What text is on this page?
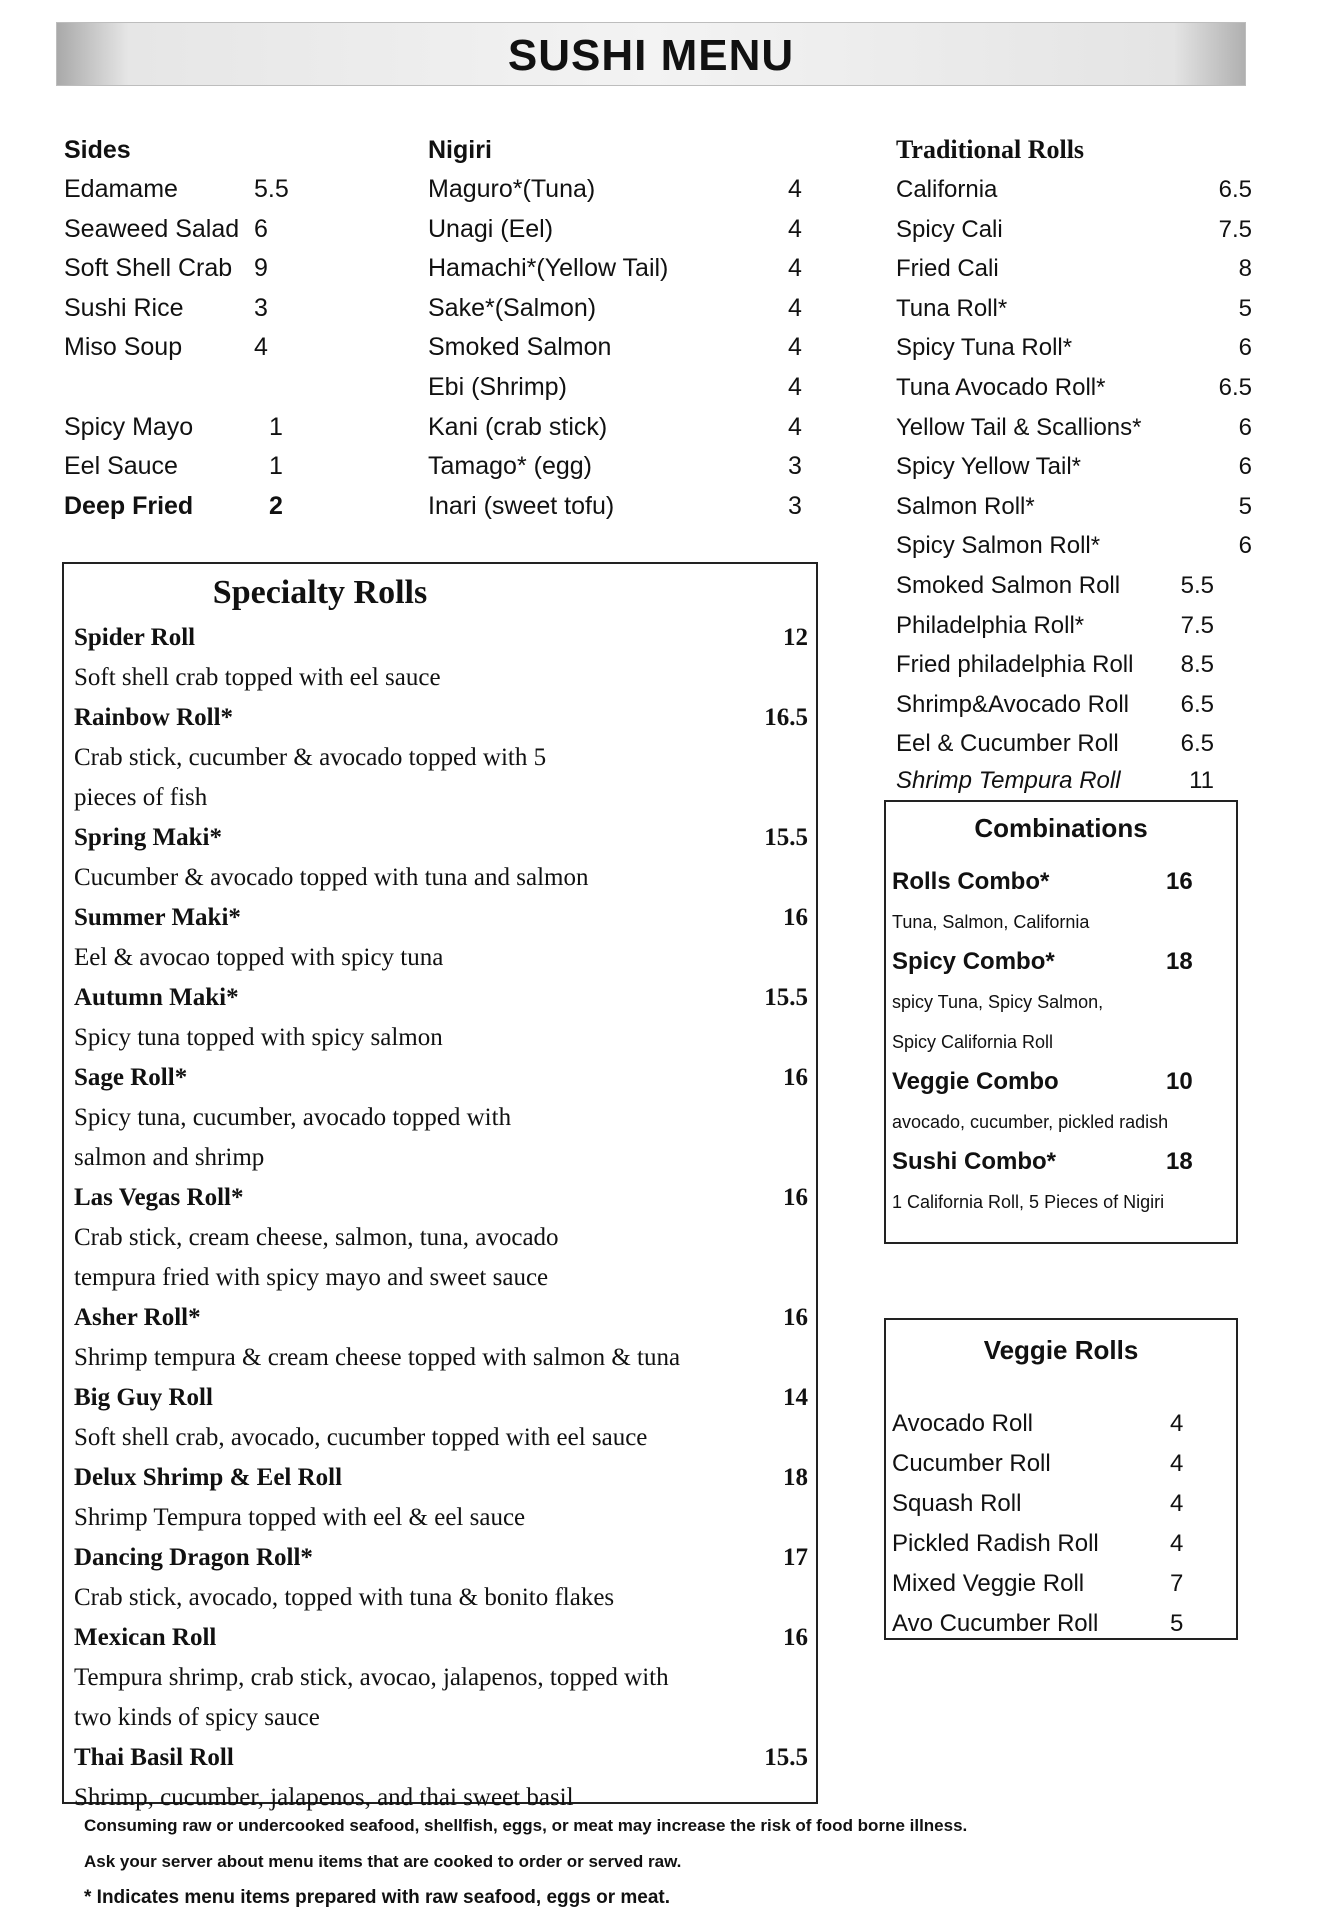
SUSHI MENU
Sides
Edamame	5.5
Seaweed Salad 6
Soft Shell Crab 9
Sushi Rice	3
Miso Soup	4
Spicy Mayo	1
Eel Sauce	1
Deep Fried	2
Nigiri
Maguro*(Tuna)	4
Unagi (Eel)	4
Hamachi*(Yellow Tail)	4
Sake*(Salmon)	4
Smoked Salmon	4
Ebi (Shrimp)	4
Kani (crab stick)	4
Tamago* (egg)	3
Inari (sweet tofu)	3
Traditional Rolls
California	6.5
Spicy Cali	7.5
Fried Cali	8
Tuna Roll*	5
Spicy Tuna Roll*	6
Tuna Avocado Roll*	6.5
Yellow Tail & Scallions*	6
Spicy Yellow Tail*	6
Salmon Roll*	5
Spicy Salmon Roll*	6
Smoked Salmon Roll	5.5
Philadelphia Roll*	7.5
Fried philadelphia Roll 8.5
Shrimp&Avocado Roll 6.5
Eel & Cucumber Roll	6.5
Shrimp Tempura Roll	11
Specialty Rolls
Spider Roll	12
Soft shell crab topped with eel sauce
Rainbow Roll*	16.5
Crab stick, cucumber & avocado topped with 5
pieces of fish
Spring Maki*	15.5
Cucumber & avocado topped with tuna and salmon
Summer Maki*	16
Eel & avocao topped with spicy tuna
Autumn Maki*	15.5
Spicy tuna topped with spicy salmon
Sage Roll*	16
Spicy tuna, cucumber, avocado topped with
salmon and shrimp
Las Vegas Roll*	16
Crab stick, cream cheese, salmon, tuna, avocado
tempura fried with spicy mayo and sweet sauce
Asher Roll*	16
Shrimp tempura & cream cheese topped with salmon & tuna
Big Guy Roll	14
Soft shell crab, avocado, cucumber topped with eel sauce
Delux Shrimp & Eel Roll	18
Shrimp Tempura topped with eel & eel sauce
Dancing Dragon Roll*	17
Crab stick, avocado, topped with tuna & bonito flakes
Mexican Roll	16
Tempura shrimp, crab stick, avocao, jalapenos, topped with
two kinds of spicy sauce
Thai Basil Roll	15.5
Shrimp, cucumber, jalapenos, and thai sweet basil
Combinations
Rolls Combo*	16
Tuna, Salmon, California
Spicy Combo*	18
spicy Tuna, Spicy Salmon,
Spicy California Roll
Veggie Combo	10
avocado, cucumber, pickled radish
Sushi Combo*	18
1 California Roll, 5 Pieces of Nigiri
Veggie Rolls
Avocado Roll	4
Cucumber Roll	4
Squash Roll	4
Pickled Radish Roll	4
Mixed Veggie Roll	7
Avo Cucumber Roll	5
Consuming raw or undercooked seafood, shellfish, eggs, or meat may increase the risk of food borne illness.
Ask your server about menu items that are cooked to order or served raw.
* Indicates menu items prepared with raw seafood, eggs or meat.
